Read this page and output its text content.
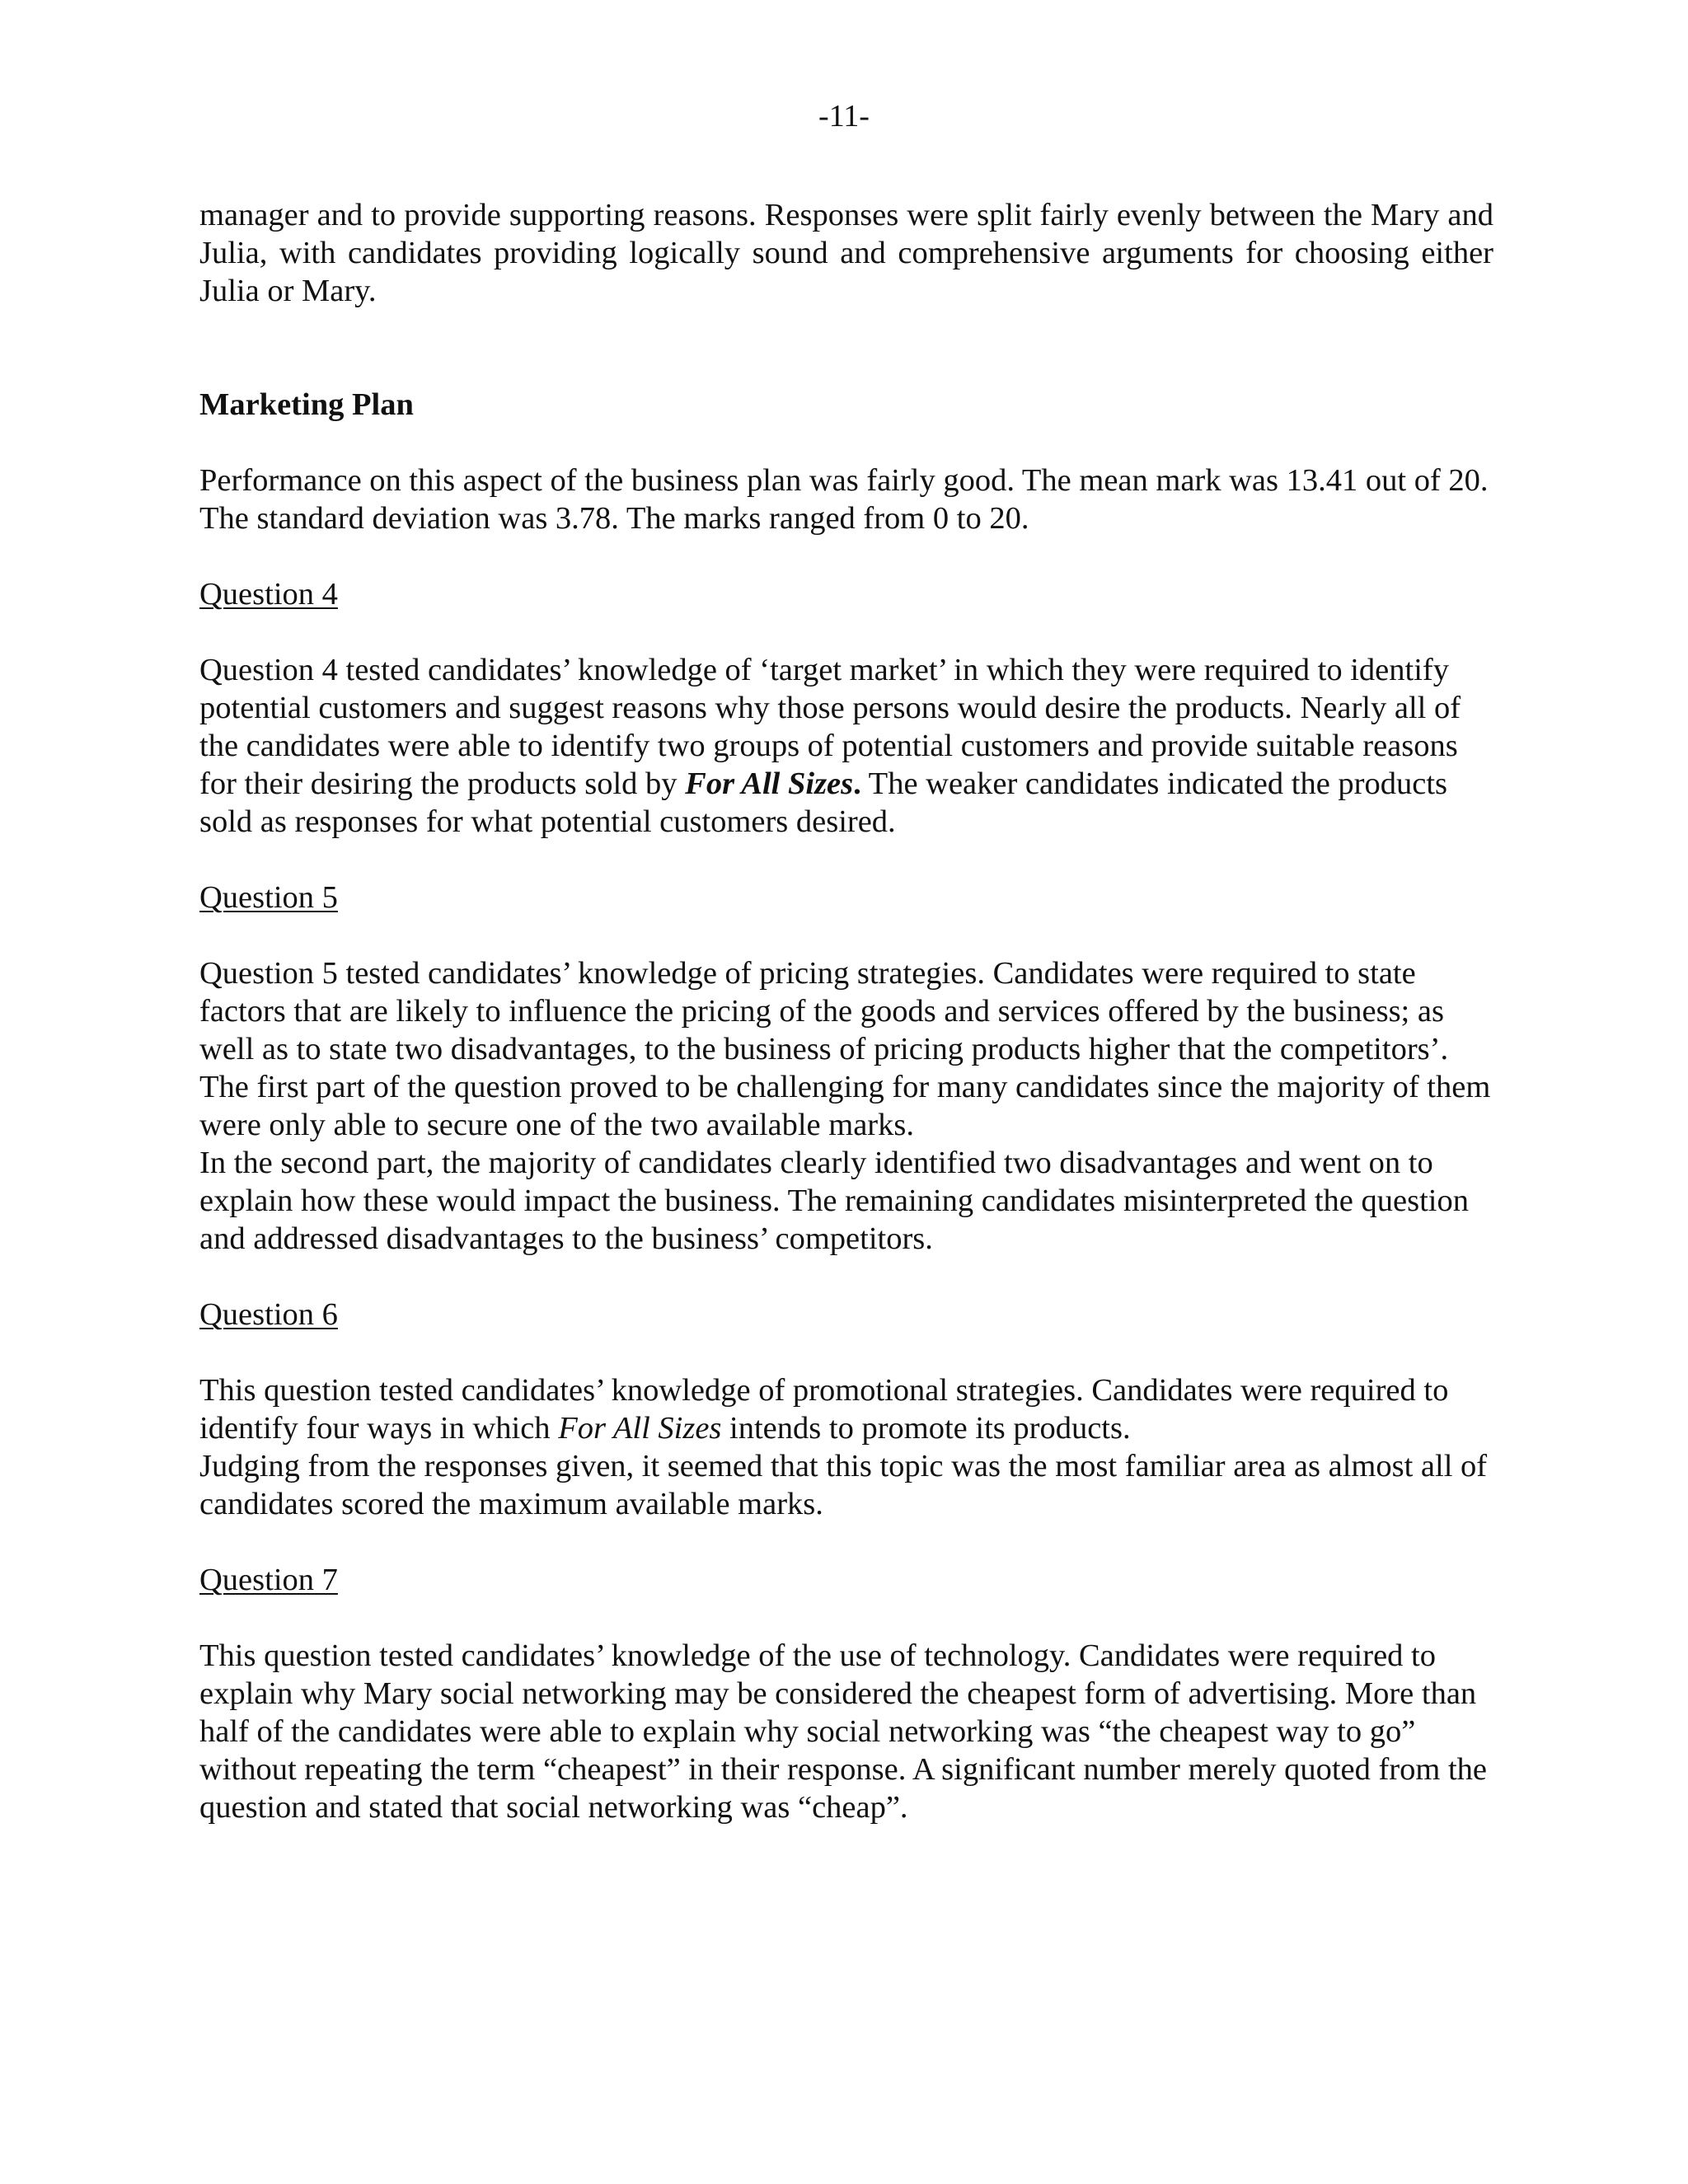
-11-

manager and to provide supporting reasons. Responses were split fairly evenly between the Mary and Julia, with candidates providing logically sound and comprehensive arguments for choosing either Julia or Mary.

Marketing Plan

Performance on this aspect of the business plan was fairly good. The mean mark was 13.41 out of 20. The standard deviation was 3.78. The marks ranged from 0 to 20.

Question 4

Question 4 tested candidates’ knowledge of ‘target market’ in which they were required to identify potential customers and suggest reasons why those persons would desire the products. Nearly all of the candidates were able to identify two groups of potential customers and provide suitable reasons for their desiring the products sold by For All Sizes. The weaker candidates indicated the products sold as responses for what potential customers desired.

Question 5

Question 5 tested candidates’ knowledge of pricing strategies. Candidates were required to state factors that are likely to influence the pricing of the goods and services offered by the business; as well as to state two disadvantages, to the business of pricing products higher that the competitors’.

The first part of the question proved to be challenging for many candidates since the majority of them were only able to secure one of the two available marks.

In the second part, the majority of candidates clearly identified two disadvantages and went on to explain how these would impact the business. The remaining candidates misinterpreted the question and addressed disadvantages to the business’ competitors.

Question 6

This question tested candidates’ knowledge of promotional strategies. Candidates were required to identify four ways in which For All Sizes intends to promote its products.

Judging from the responses given, it seemed that this topic was the most familiar area as almost all of candidates scored the maximum available marks.

Question 7

This question tested candidates’ knowledge of the use of technology. Candidates were required to explain why Mary social networking may be considered the cheapest form of advertising. More than half of the candidates were able to explain why social networking was “the cheapest way to go” without repeating the term “cheapest” in their response. A significant number merely quoted from the question and stated that social networking was “cheap”.
